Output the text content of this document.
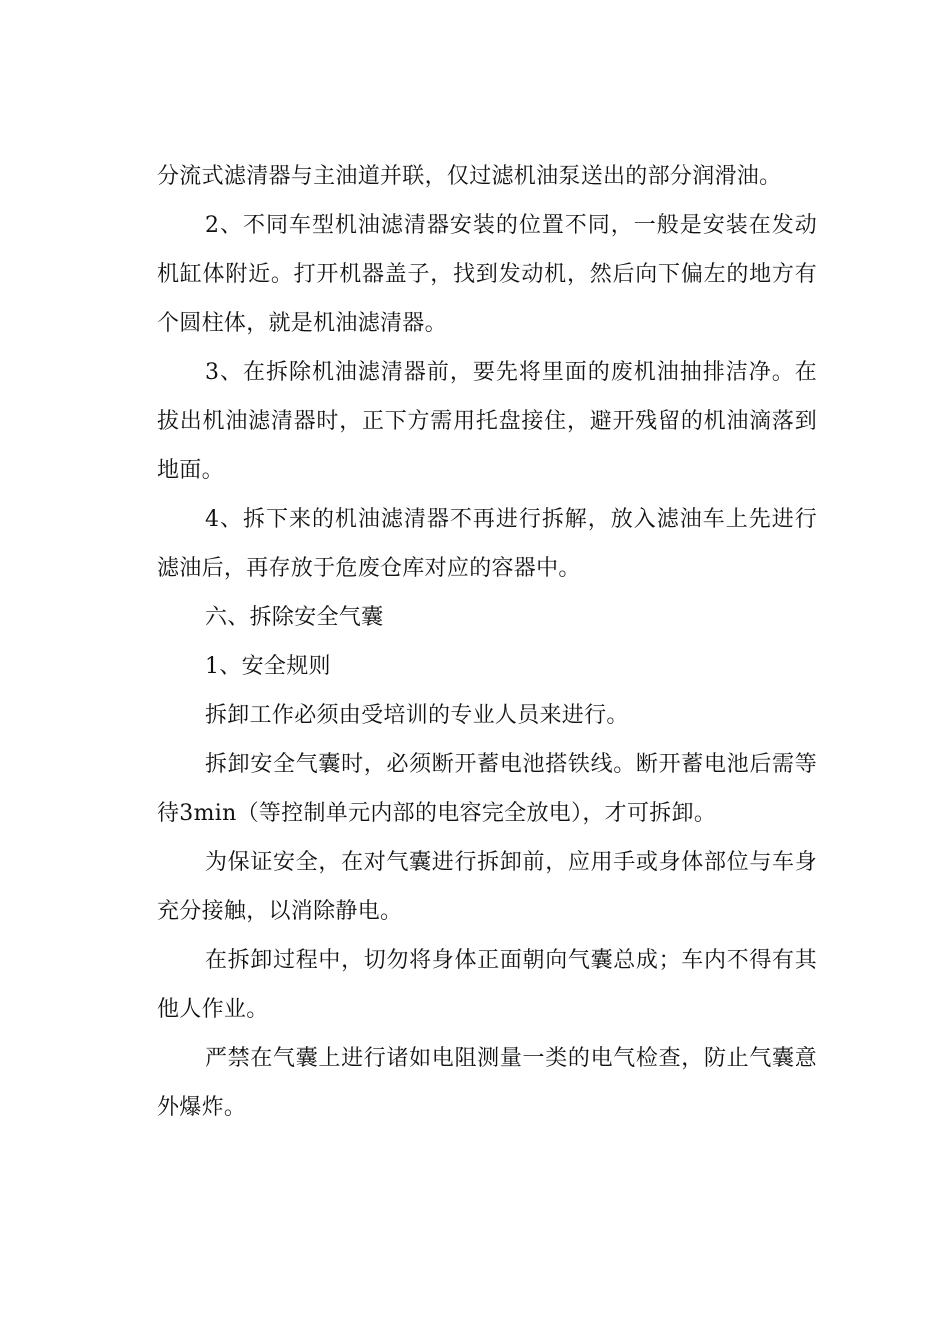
分流式滤清器与主油道并联，仅过滤机油泵送出的部分润滑油。

2、不同车型机油滤清器安装的位置不同，一般是安装在发动机缸体附近。打开机器盖子，找到发动机，然后向下偏左的地方有个圆柱体，就是机油滤清器。

3、在拆除机油滤清器前，要先将里面的废机油抽排洁净。在拔出机油滤清器时，正下方需用托盘接住，避开残留的机油滴落到地面。

4、拆下来的机油滤清器不再进行拆解，放入滤油车上先进行滤油后，再存放于危废仓库对应的容器中。

六、拆除安全气囊

1、安全规则

拆卸工作必须由受培训的专业人员来进行。

拆卸安全气囊时，必须断开蓄电池搭铁线。断开蓄电池后需等待3min（等控制单元内部的电容完全放电），才可拆卸。

为保证安全，在对气囊进行拆卸前，应用手或身体部位与车身充分接触，以消除静电。

在拆卸过程中，切勿将身体正面朝向气囊总成；车内不得有其他人作业。

严禁在气囊上进行诸如电阻测量一类的电气检查，防止气囊意外爆炸。
